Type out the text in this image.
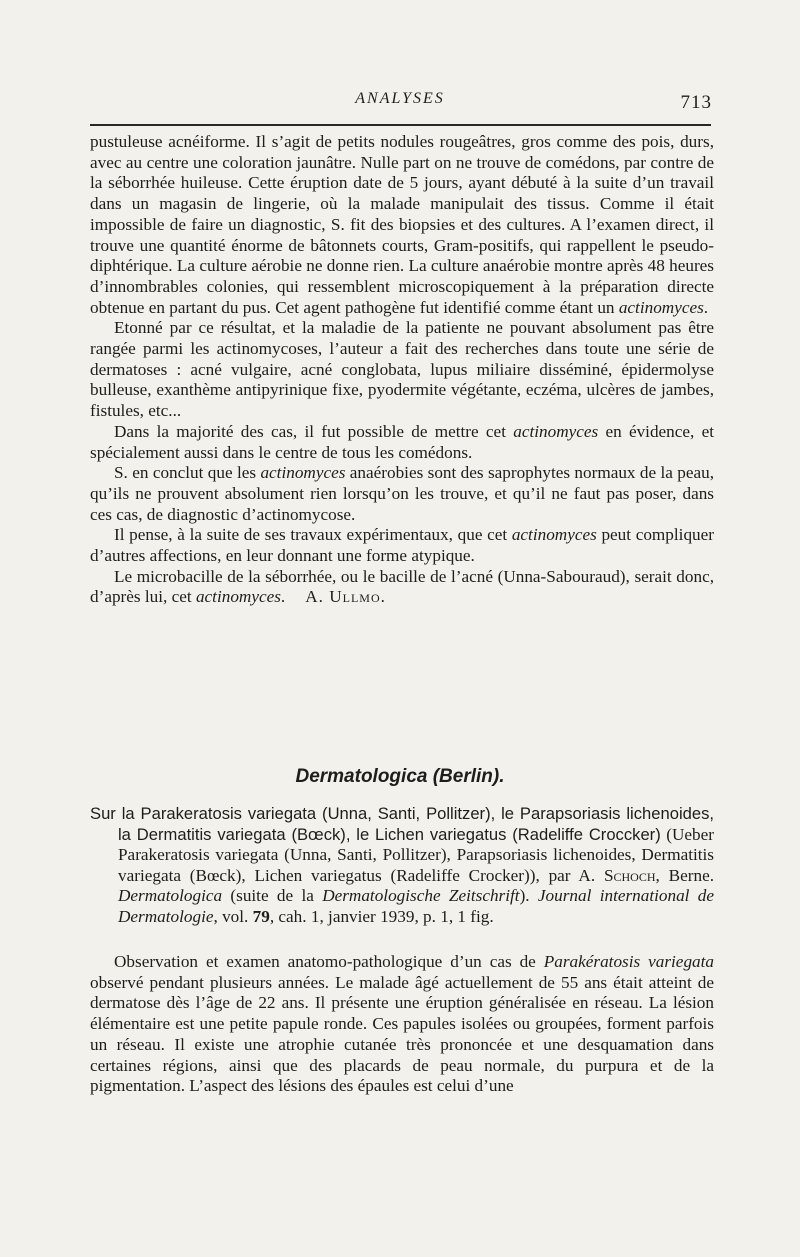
ANALYSES	713

pustuleuse acnéiforme. Il s’agit de petits nodules rougeâtres, gros comme des pois, durs, avec au centre une coloration jaunâtre. Nulle part on ne trouve de comédons, par contre de la séborrhée huileuse. Cette éruption date de 5 jours, ayant débuté à la suite d’un travail dans un magasin de lingerie, où la malade manipulait des tissus. Comme il était impossible de faire un diagnostic, S. fit des biopsies et des cultures. A l’examen direct, il trouve une quantité énorme de bâtonnets courts, Gram-positifs, qui rappellent le pseudo-diphtérique. La culture aérobie ne donne rien. La culture anaérobie montre après 48 heures d’innombrables colonies, qui ressemblent microscopiquement à la préparation directe obtenue en partant du pus. Cet agent pathogène fut identifié comme étant un actinomyces.

Etonné par ce résultat, et la maladie de la patiente ne pouvant absolument pas être rangée parmi les actinomycoses, l’auteur a fait des recherches dans toute une série de dermatoses : acné vulgaire, acné conglobata, lupus miliaire disséminé, épidermolyse bulleuse, exanthème antipyrinique fixe, pyodermite végétante, eczéma, ulcères de jambes, fistules, etc...

Dans la majorité des cas, il fut possible de mettre cet actinomyces en évidence, et spécialement aussi dans le centre de tous les comédons.

S. en conclut que les actinomyces anaérobies sont des saprophytes normaux de la peau, qu’ils ne prouvent absolument rien lorsqu’on les trouve, et qu’il ne faut pas poser, dans ces cas, de diagnostic d’actinomycose.

Il pense, à la suite de ses travaux expérimentaux, que cet actinomyces peut compliquer d’autres affections, en leur donnant une forme atypique.

Le microbacille de la séborrhée, ou le bacille de l’acné (Unna-Sabouraud), serait donc, d’après lui, cet actinomyces. A. Ullmo.

Dermatologica (Berlin).

Sur la Parakeratosis variegata (Unna, Santi, Pollitzer), le Parapsoriasis lichenoides, la Dermatitis variegata (Bœck), le Lichen variegatus (Radeliffe Croccker) (Ueber Parakeratosis variegata (Unna, Santi, Pollitzer), Parapsoriasis lichenoides, Dermatitis variegata (Bœck), Lichen variegatus (Radeliffe Crocker)), par A. Schoch, Berne. Dermatologica (suite de la Dermatologische Zeitschrift). Journal international de Dermatologie, vol. 79, cah. 1, janvier 1939, p. 1, 1 fig.

Observation et examen anatomo-pathologique d’un cas de Parakératosis variegata observé pendant plusieurs années. Le malade âgé actuellement de 55 ans était atteint de dermatose dès l’âge de 22 ans. Il présente une éruption généralisée en réseau. La lésion élémentaire est une petite papule ronde. Ces papules isolées ou groupées, forment parfois un réseau. Il existe une atrophie cutanée très prononcée et une desquamation dans certaines régions, ainsi que des placards de peau normale, du purpura et de la pigmentation. L’aspect des lésions des épaules est celui d’une
